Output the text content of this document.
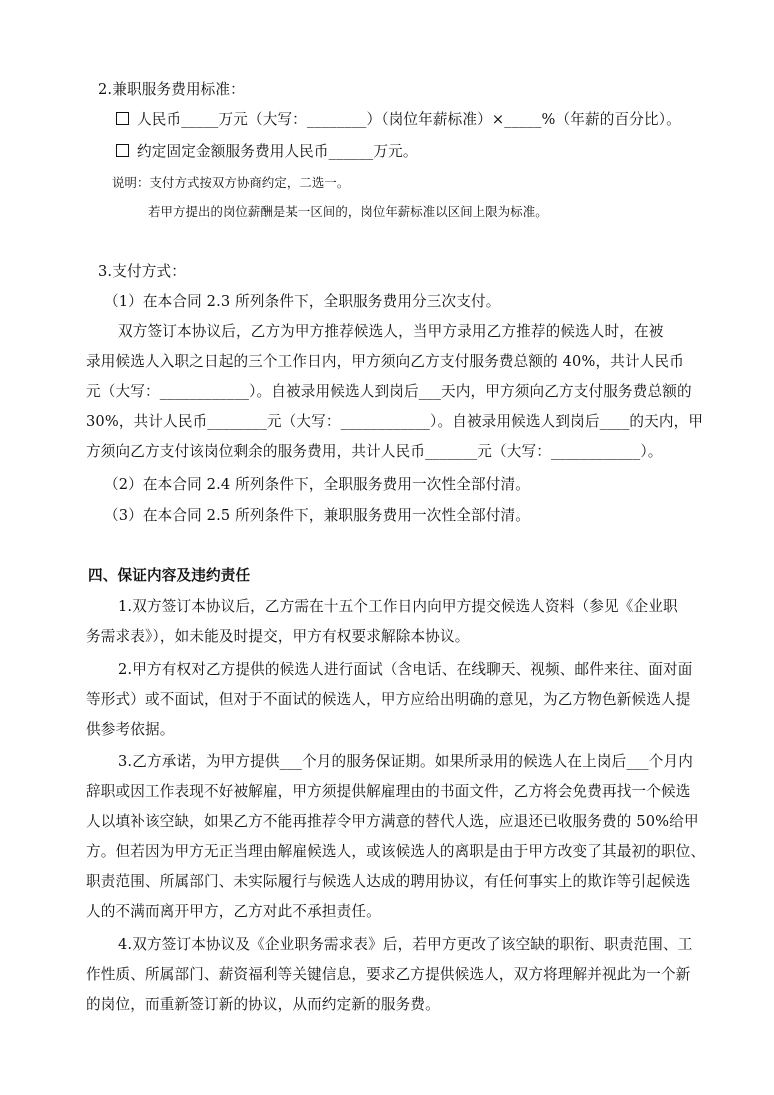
2.兼职服务费用标准：
人民币_____万元（大写：________）（岗位年薪标准）×_____%（年薪的百分比）。
约定固定金额服务费用人民币______万元。
说明：支付方式按双方协商约定，二选一。
若甲方提出的岗位薪酬是某一区间的，岗位年薪标准以区间上限为标准。
3.支付方式：
（1）在本合同 2.3 所列条件下，全职服务费用分三次支付。
双方签订本协议后，乙方为甲方推荐候选人，当甲方录用乙方推荐的候选人时，在被
录用候选人入职之日起的三个工作日内，甲方须向乙方支付服务费总额的 40%，共计人民币
元（大写：____________）。自被录用候选人到岗后___天内，甲方须向乙方支付服务费总额的
30%，共计人民币________元（大写：____________）。自被录用候选人到岗后____的天内，甲
方须向乙方支付该岗位剩余的服务费用，共计人民币_______元（大写：____________）。
（2）在本合同 2.4 所列条件下，全职服务费用一次性全部付清。
（3）在本合同 2.5 所列条件下，兼职服务费用一次性全部付清。
四、保证内容及违约责任
1.双方签订本协议后，乙方需在十五个工作日内向甲方提交候选人资料（参见《企业职
务需求表》），如未能及时提交，甲方有权要求解除本协议。
2.甲方有权对乙方提供的候选人进行面试（含电话、在线聊天、视频、邮件来往、面对面
等形式）或不面试，但对于不面试的候选人，甲方应给出明确的意见，为乙方物色新候选人提
供参考依据。
3.乙方承诺，为甲方提供___个月的服务保证期。如果所录用的候选人在上岗后___个月内
辞职或因工作表现不好被解雇，甲方须提供解雇理由的书面文件，乙方将会免费再找一个候选
人以填补该空缺，如果乙方不能再推荐令甲方满意的替代人选，应退还已收服务费的 50%给甲
方。但若因为甲方无正当理由解雇候选人，或该候选人的离职是由于甲方改变了其最初的职位、
职责范围、所属部门、未实际履行与候选人达成的聘用协议，有任何事实上的欺诈等引起候选
人的不满而离开甲方，乙方对此不承担责任。
4.双方签订本协议及《企业职务需求表》后，若甲方更改了该空缺的职衔、职责范围、工
作性质、所属部门、薪资福利等关键信息，要求乙方提供候选人，双方将理解并视此为一个新
的岗位，而重新签订新的协议，从而约定新的服务费。
